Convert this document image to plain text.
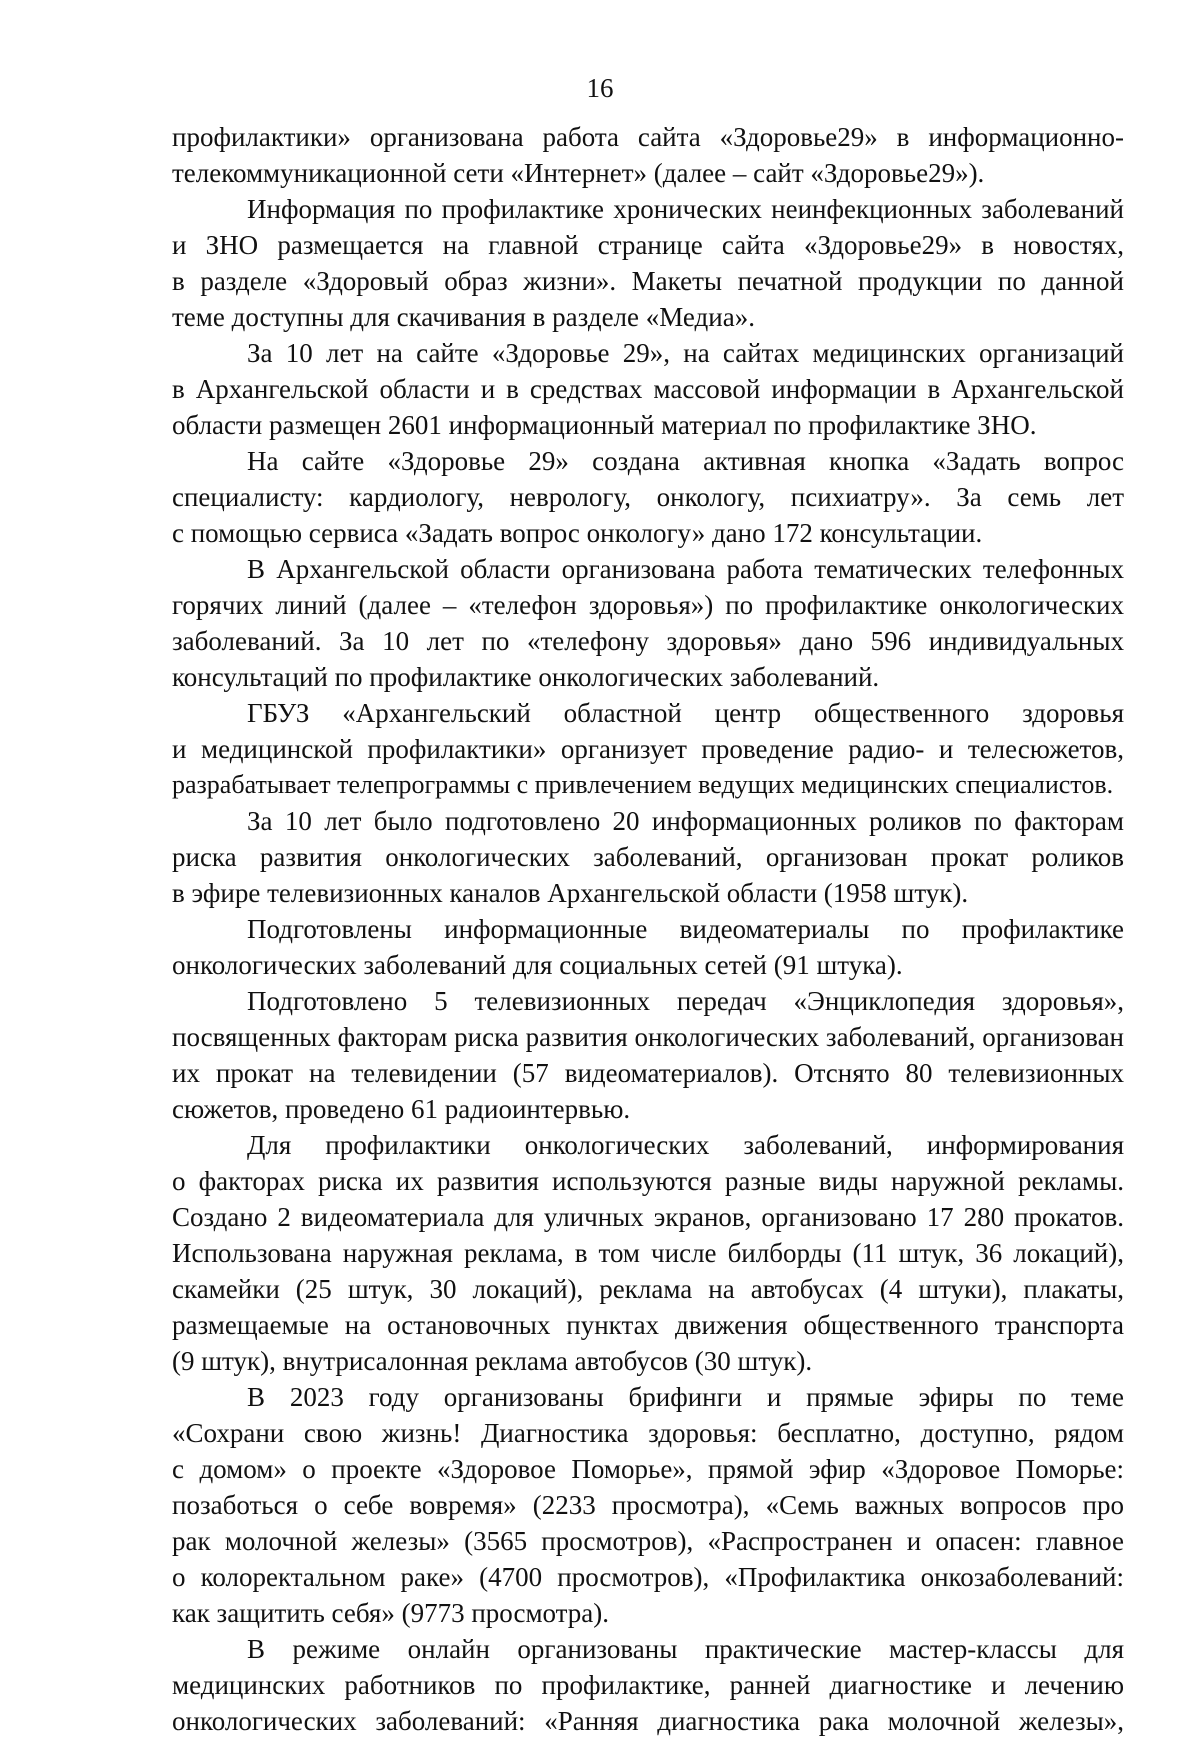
16
профилактики» организована работа сайта «Здоровье29» в информационно-
телекоммуникационной сети «Интернет» (далее – сайт «Здоровье29»).
Информация по профилактике хронических неинфекционных заболеваний
и ЗНО размещается на главной странице сайта «Здоровье29» в новостях,
в разделе «Здоровый образ жизни». Макеты печатной продукции по данной
теме доступны для скачивания в разделе «Медиа».
За 10 лет на сайте «Здоровье 29», на сайтах медицинских организаций
в Архангельской области и в средствах массовой информации в Архангельской
области размещен 2601 информационный материал по профилактике ЗНО.
На сайте «Здоровье 29» создана активная кнопка «Задать вопрос
специалисту: кардиологу, неврологу, онкологу, психиатру». За семь лет
с помощью сервиса «Задать вопрос онкологу» дано 172 консультации.
В Архангельской области организована работа тематических телефонных
горячих линий (далее – «телефон здоровья») по профилактике онкологических
заболеваний. За 10 лет по «телефону здоровья» дано 596 индивидуальных
консультаций по профилактике онкологических заболеваний.
ГБУЗ «Архангельский областной центр общественного здоровья
и медицинской профилактики» организует проведение радио- и телесюжетов,
разрабатывает телепрограммы с привлечением ведущих медицинских специалистов.
За 10 лет было подготовлено 20 информационных роликов по факторам
риска развития онкологических заболеваний, организован прокат роликов
в эфире телевизионных каналов Архангельской области (1958 штук).
Подготовлены информационные видеоматериалы по профилактике
онкологических заболеваний для социальных сетей (91 штука).
Подготовлено 5 телевизионных передач «Энциклопедия здоровья»,
посвященных факторам риска развития онкологических заболеваний, организован
их прокат на телевидении (57 видеоматериалов). Отснято 80 телевизионных
сюжетов, проведено 61 радиоинтервью.
Для профилактики онкологических заболеваний, информирования
о факторах риска их развития используются разные виды наружной рекламы.
Создано 2 видеоматериала для уличных экранов, организовано 17 280 прокатов.
Использована наружная реклама, в том числе билборды (11 штук, 36 локаций),
скамейки (25 штук, 30 локаций), реклама на автобусах (4 штуки), плакаты,
размещаемые на остановочных пунктах движения общественного транспорта
(9 штук), внутрисалонная реклама автобусов (30 штук).
В 2023 году организованы брифинги и прямые эфиры по теме
«Сохрани свою жизнь! Диагностика здоровья: бесплатно, доступно, рядом
с домом» о проекте «Здоровое Поморье», прямой эфир «Здоровое Поморье:
позаботься о себе вовремя» (2233 просмотра), «Семь важных вопросов про
рак молочной железы» (3565 просмотров), «Распространен и опасен: главное
о колоректальном раке» (4700 просмотров), «Профилактика онкозаболеваний:
как защитить себя» (9773 просмотра).
В режиме онлайн организованы практические мастер-классы для
медицинских работников по профилактике, ранней диагностике и лечению
онкологических заболеваний: «Ранняя диагностика рака молочной железы»,
